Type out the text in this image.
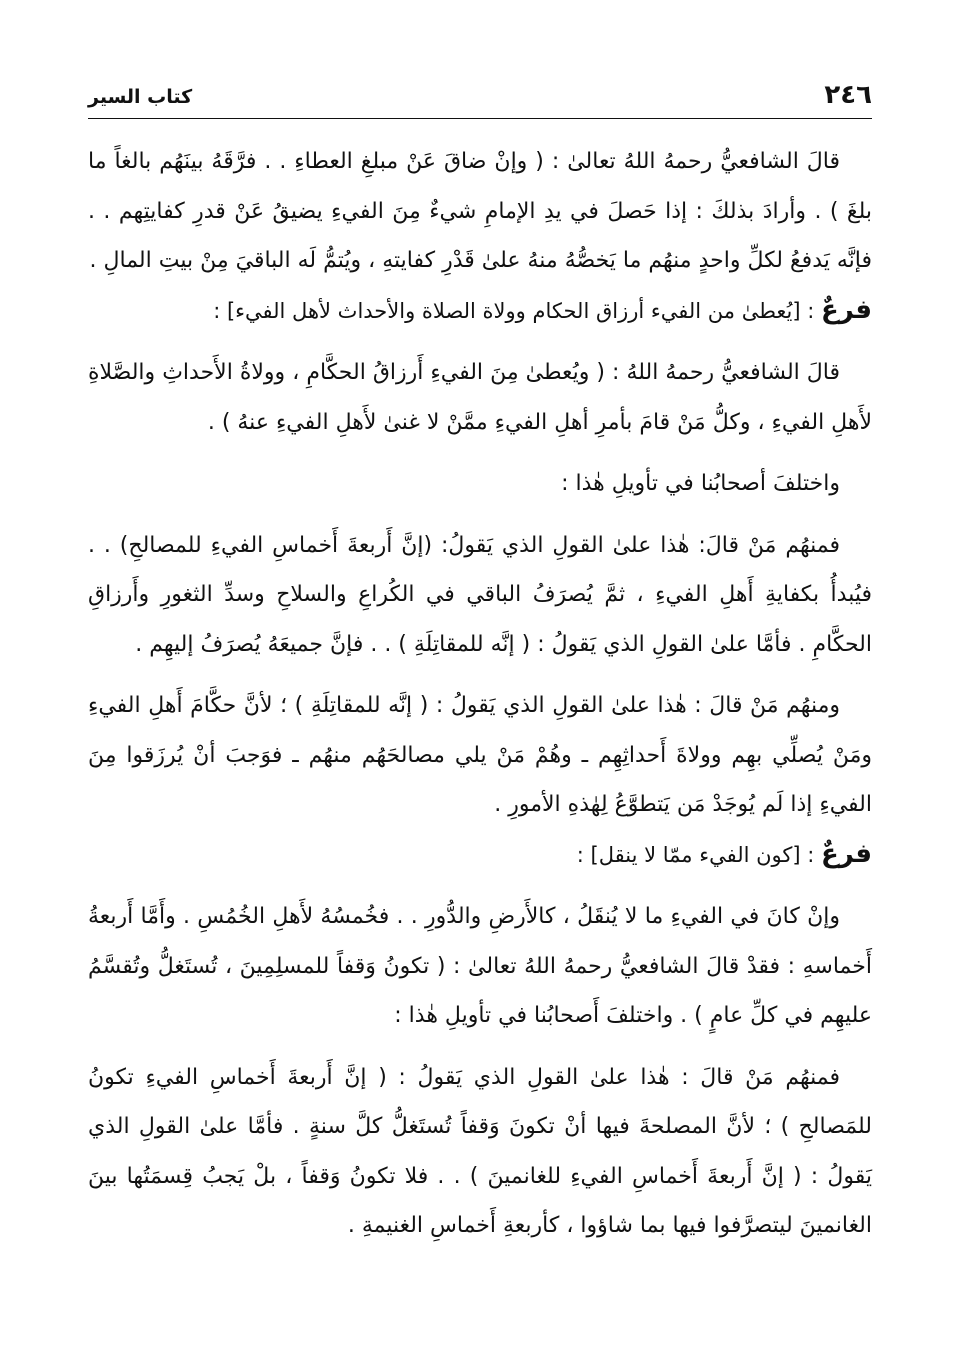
٢٤٦
كتاب السير

قالَ الشافعيُّ رحمهُ اللهُ تعالىٰ : ( وإنْ ضاقَ عَنْ مبلغِ العطاءِ . . فرَّقَهُ بينَهُم بالغاً ما بلغَ ) . وأرادَ بذلكَ : إذا حَصلَ في يدِ الإمامِ شيءٌ مِنَ الفيءِ يضيقُ عَنْ قدرِ كفايتِهم . . فإنَّه يَدفعُ لكلِّ واحدٍ منهُم ما يَخصُّهُ منهُ علىٰ قَدْرِ كفايتهِ ، ويُتمُّ لَه الباقيَ مِنْ بيتِ المالِ .

فرعٌ : [يُعطىٰ من الفيء أرزاق الحكام وولاة الصلاة والأحداث لأهل الفيء] :

قالَ الشافعيُّ رحمهُ اللهُ : ( ويُعطىٰ مِنَ الفيءِ أَرزاقُ الحكَّامِ ، وولاةُ الأَحداثِ والصَّلاةِ لأَهلِ الفيءِ ، وكلُّ مَنْ قامَ بأمرِ أهلِ الفيءِ ممَّنْ لا غنىٰ لأَهلِ الفيءِ عنهُ ) .

واختلفَ أصحابُنا في تأويلِ هٰذا :

فمنهُم مَنْ قالَ: هٰذا علىٰ القولِ الذي يَقولُ: (إنَّ أَربعةَ أَخماسِ الفيءِ للمصالحِ) . . فيُبدأُ بكفايةِ أَهلِ الفيءِ ، ثمَّ يُصرَفُ الباقي في الكُراعِ والسلاحِ وسدِّ الثغورِ وأَرزاقِ الحكَّامِ . فأمَّا علىٰ القولِ الذي يَقولُ : ( إنَّه للمقاتِلَةِ ) . . فإنَّ جميعَهُ يُصرَفُ إليهِم .

ومنهُم مَنْ قالَ : هٰذا علىٰ القولِ الذي يَقولُ : ( إنَّه للمقاتِلَةِ ) ؛ لأنَّ حكَّامَ أَهلِ الفيءِ ومَنْ يُصلِّي بهِم وولاةَ أَحداثِهِم ـ وهُمْ مَنْ يلي مصالحَهُم منهُم ـ فوَجبَ أنْ يُرزَقوا مِنَ الفيءِ إذا لَم يُوجَدْ مَن يَتطوَّعُ لِهٰذهِ الأمورِ .

فرعٌ : [كون الفيء ممّا لا ينقل] :

وإنْ كانَ في الفيءِ ما لا يُنقَلُ ، كالأَرضِ والدُّورِ . . فخُمسُهُ لأَهلِ الخُمُسِ . وأَمَّا أَربعةُ أَخماسهِ : فقدْ قالَ الشافعيُّ رحمهُ اللهُ تعالىٰ : ( تكونُ وَقفاً للمسلِمِينَ ، تُستَغلُّ وتُقسَّمُ عليهِم في كلِّ عامٍ ) . واختلفَ أَصحابُنا في تأويلِ هٰذا :

فمنهُم مَنْ قالَ : هٰذا علىٰ القولِ الذي يَقولُ : ( إنَّ أَربعةَ أَخماسِ الفيءِ تكونُ للمَصالحِ ) ؛ لأنَّ المصلحةَ فيها أنْ تكونَ وَقفاً تُستَغلُّ كلَّ سنةٍ . فأمَّا علىٰ القولِ الذي يَقولُ : ( إنَّ أَربعةَ أَخماسِ الفيءِ للغانمينَ ) . . فلا تكونُ وَقفاً ، بلْ يَجبُ قِسمَتُها بينَ الغانمينَ ليتصرَّفوا فيها بما شاؤوا ، كأربعةِ أَخماسِ الغنيمةِ .
